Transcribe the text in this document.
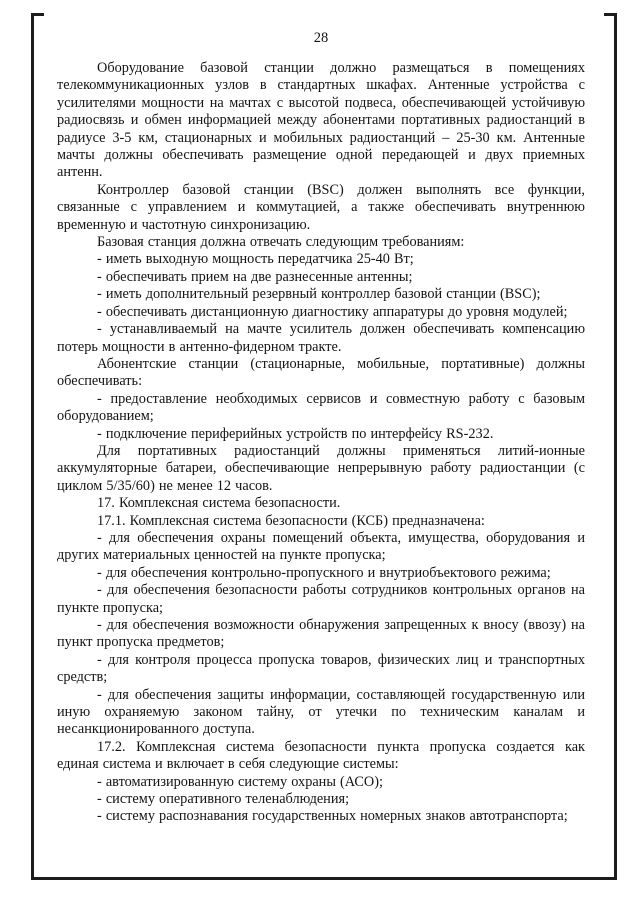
28

Оборудование базовой станции должно размещаться в помещениях телекоммуникационных узлов в стандартных шкафах. Антенные устройства с усилителями мощности на мачтах с высотой подвеса, обеспечивающей устойчивую радиосвязь и обмен информацией между абонентами портативных радиостанций в радиусе 3-5 км, стационарных и мобильных радиостанций – 25-30 км. Антенные мачты должны обеспечивать размещение одной передающей и двух приемных антенн.

Контроллер базовой станции (BSC) должен выполнять все функции, связанные с управлением и коммутацией, а также обеспечивать внутреннюю временную и частотную синхронизацию.

Базовая станция должна отвечать следующим требованиям:

- иметь выходную мощность передатчика 25-40 Вт;

- обеспечивать прием на две разнесенные антенны;

- иметь дополнительный резервный контроллер базовой станции (BSC);

- обеспечивать дистанционную диагностику аппаратуры до уровня модулей;

- устанавливаемый на мачте усилитель должен обеспечивать компенсацию потерь мощности в антенно-фидерном тракте.

Абонентские станции (стационарные, мобильные, портативные) должны обеспечивать:

- предоставление необходимых сервисов и совместную работу с базовым оборудованием;

- подключение периферийных устройств по интерфейсу RS-232.

Для портативных радиостанций должны применяться литий-ионные аккумуляторные батареи, обеспечивающие непрерывную работу радиостанции (с циклом 5/35/60) не менее 12 часов.

17. Комплексная система безопасности.

17.1. Комплексная система безопасности (КСБ) предназначена:

- для обеспечения охраны помещений объекта, имущества, оборудования и других материальных ценностей на пункте пропуска;

- для обеспечения контрольно-пропускного и внутриобъектового режима;

- для обеспечения безопасности работы сотрудников контрольных органов на пункте пропуска;

- для обеспечения возможности обнаружения запрещенных к вносу (ввозу) на пункт пропуска предметов;

- для контроля процесса пропуска товаров, физических лиц и транспортных средств;

- для обеспечения защиты информации, составляющей государственную или иную охраняемую законом тайну, от утечки по техническим каналам и несанкционированного доступа.

17.2. Комплексная система безопасности пункта пропуска создается как единая система и включает в себя следующие системы:

- автоматизированную систему охраны (АСО);

- систему оперативного теленаблюдения;

- систему распознавания государственных номерных знаков автотранспорта;
